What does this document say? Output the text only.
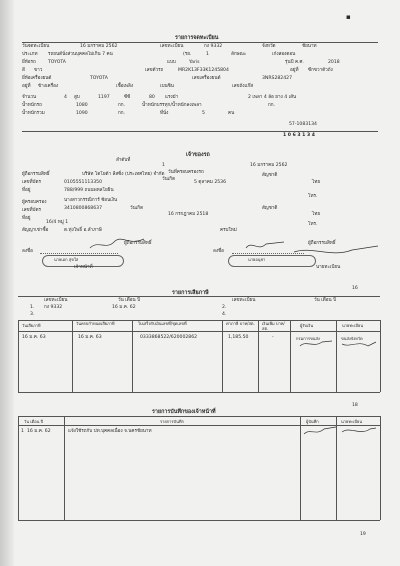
▪
รายการจดทะเบียน
วันจดทะเบียน	16 มกราคม 2562	เลขทะเบียน	กง 9332	จังหวัด	ชัยนาท
ประเภท รถยนต์นั่งส่วนบุคคลไม่เกิน 7 คน	(รย.	1	ลักษณะ	เก๋งสองตอน
ยี่ห้อรถ	TOYOTA	แบบ	Yaris	รุ่นปี ค.ศ.	2018
สี ขาว	เลขตัวรถ	MR2K13F33K1245804	อยู่ที่ ซีกขวาตัวถัง
ยี่ห้อเครื่องยนต์	TOYOTA	เลขเครื่องยนต์	3NRS282427
อยู่ที่ ข้างเครื่อง	เชื้อเพลิง	เบนซิน	เลขถังแก๊ส
จำนวน	4 สูบ	1197	ซีซี	80 แรงม้า	2 เพลา 4 ล้อ ยาง 4 เส้น
น้ำหนักรถ	1080	กก.	น้ำหนักบรรทุก/น้ำหนักลงเพลา	กก.
น้ำหนักรวม	1090	กก.	ที่นั่ง	5	คน
57-1083134
1 0 6 3 1 3 4
เจ้าของรถ
ลำดับที่
1
วันที่ครอบครองรถ
16 มกราคม 2562
ผู้ถือกรรมสิทธิ์	บริษัท โตโยต้า ลีสซิ่ง (ประเทศไทย) จำกัด
เลขที่บัตร	0105551113350
วันเกิด
5 ตุลาคม 2536
สัญชาติ
ไทย
ที่อยู่	788/999 ถนนพหลโยธิน
โทร.
ผู้ครอบครอง	นางสาวกรรณิการ์ ซ้อนเงิน
เลขที่บัตร	3410800868637	วันเกิด
16 กรกฎาคม 2518
สัญชาติ
ไทย
ที่อยู่
16/4 หมู่ 1
ต.ทุ่งโพธิ์ อ.ลำภาษี
โทร.
สัญญาเช่าซื้อ	ครบใหม่
ลงชื่อ
ผู้ถือกรรมสิทธิ์
นายเอก สุขใส
เจ้าหน้าที่
ลงชื่อ
ผู้ถือกรรมสิทธิ์
นายอนุชา
นายทะเบียน
16
รายการเสียภาษี
เลขทะเบียน	วัน เดือน ปี	เลขทะเบียน	วัน เดือน ปี
1. กง 9332	16 ม.ค. 62	2.
3.	4.
วันเสียภาษี	วันครบกำหนดเสียภาษี	ใบเสร็จรับเงินเลขที่/ชุดเลขที่	ค่าภาษี บาท/สต.	เงินเพิ่ม บาท/สต.
ผู้รับเงิน	นายทะเบียน
16 ม.ค. 63	16 ม.ค. 63	0333868522/620002862	1,185.50	-	กรมการขนส่ง	ขนส่งจังหวัด
18
รายการบันทึกของเจ้าหน้าที่
วัน เดือน ปี	รายการบันทึก	ผู้บันทึก	นายทะเบียน
1 16 ม.ค. 62	แจ้งใช้รถกับ ปท.บุคคลเนื่อง จ.นครชัยนาท
19
